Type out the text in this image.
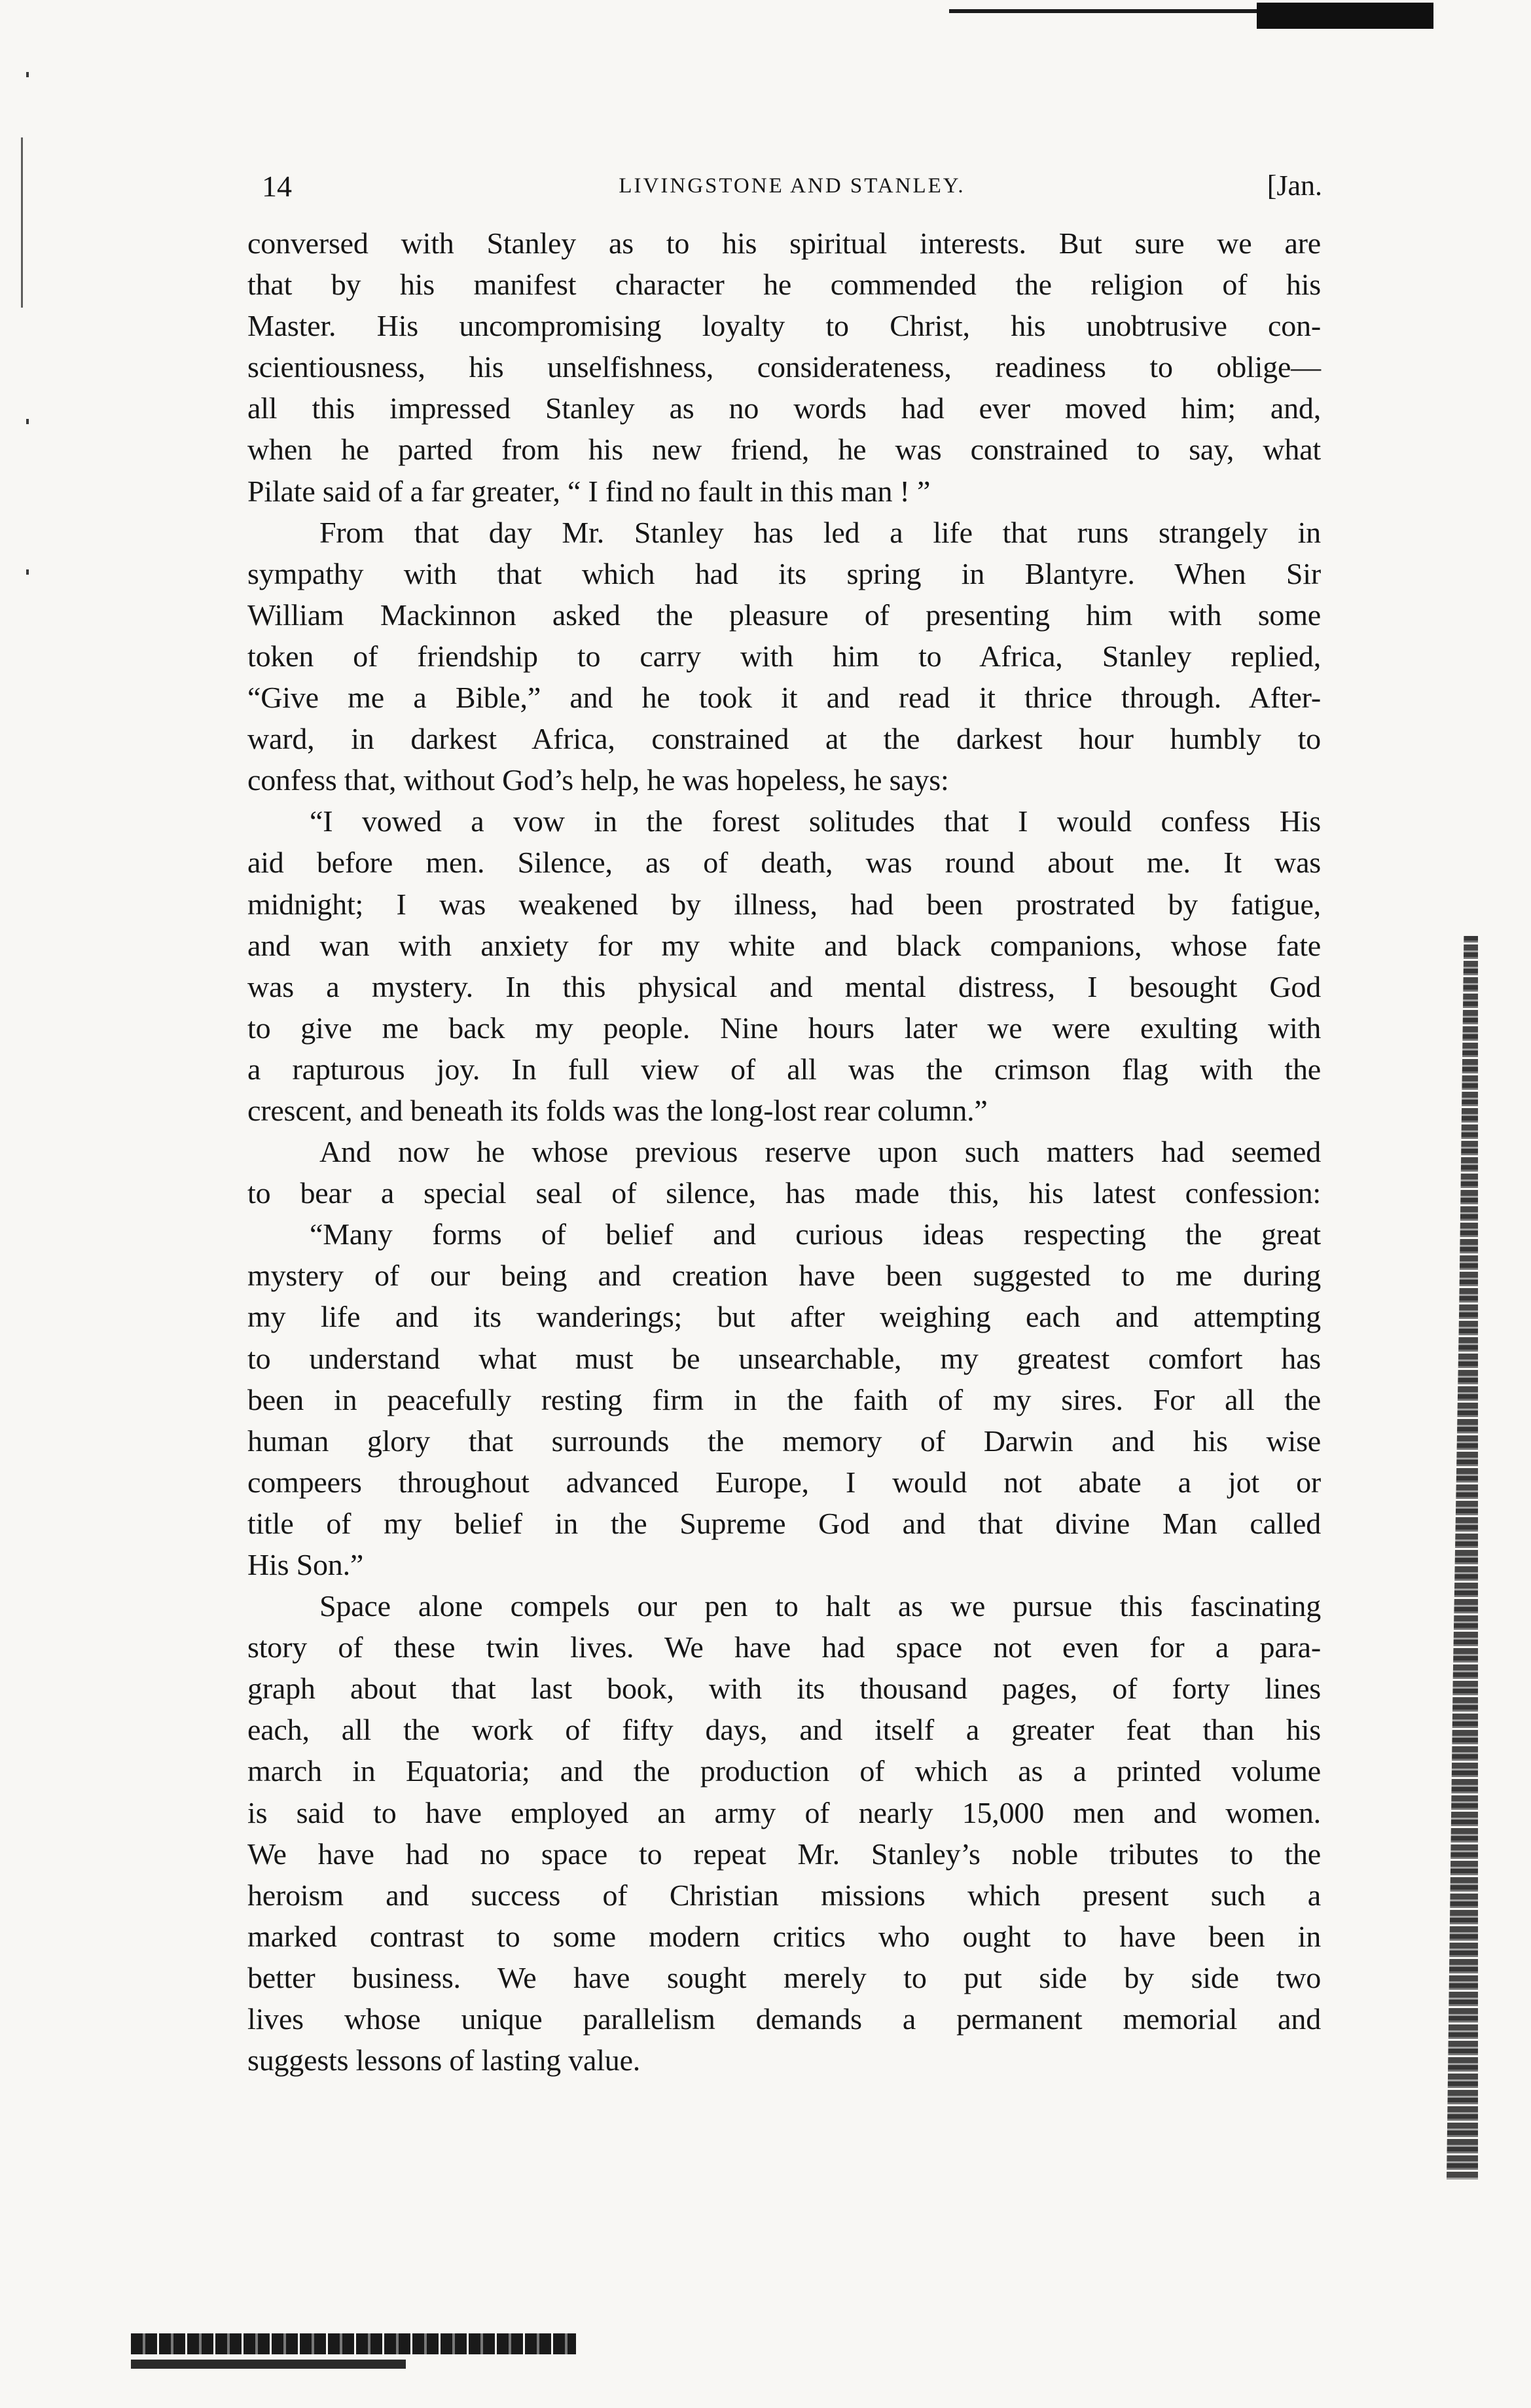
14	LIVINGSTONE AND STANLEY.	[Jan.
conversed with Stanley as to his spiritual interests. But sure we are
that by his manifest character he commended the religion of his
Master. His uncompromising loyalty to Christ, his unobtrusive con-
scientiousness, his unselfishness, considerateness, readiness to oblige—
all this impressed Stanley as no words had ever moved him; and,
when he parted from his new friend, he was constrained to say, what
Pilate said of a far greater, “ I find no fault in this man ! ”
From that day Mr. Stanley has led a life that runs strangely in
sympathy with that which had its spring in Blantyre. When Sir
William Mackinnon asked the pleasure of presenting him with some
token of friendship to carry with him to Africa, Stanley replied,
“Give me a Bible,” and he took it and read it thrice through. After-
ward, in darkest Africa, constrained at the darkest hour humbly to
confess that, without God’s help, he was hopeless, he says:
“I vowed a vow in the forest solitudes that I would confess His
aid before men. Silence, as of death, was round about me. It was
midnight; I was weakened by illness, had been prostrated by fatigue,
and wan with anxiety for my white and black companions, whose fate
was a mystery. In this physical and mental distress, I besought God
to give me back my people. Nine hours later we were exulting with
a rapturous joy. In full view of all was the crimson flag with the
crescent, and beneath its folds was the long-lost rear column.”
And now he whose previous reserve upon such matters had seemed
to bear a special seal of silence, has made this, his latest confession:
“Many forms of belief and curious ideas respecting the great
mystery of our being and creation have been suggested to me during
my life and its wanderings; but after weighing each and attempting
to understand what must be unsearchable, my greatest comfort has
been in peacefully resting firm in the faith of my sires. For all the
human glory that surrounds the memory of Darwin and his wise
compeers throughout advanced Europe, I would not abate a jot or
title of my belief in the Supreme God and that divine Man called
His Son.”
Space alone compels our pen to halt as we pursue this fascinating
story of these twin lives. We have had space not even for a para-
graph about that last book, with its thousand pages, of forty lines
each, all the work of fifty days, and itself a greater feat than his
march in Equatoria; and the production of which as a printed volume
is said to have employed an army of nearly 15,000 men and women.
We have had no space to repeat Mr. Stanley’s noble tributes to the
heroism and success of Christian missions which present such a
marked contrast to some modern critics who ought to have been in
better business. We have sought merely to put side by side two
lives whose unique parallelism demands a permanent memorial and
suggests lessons of lasting value.
